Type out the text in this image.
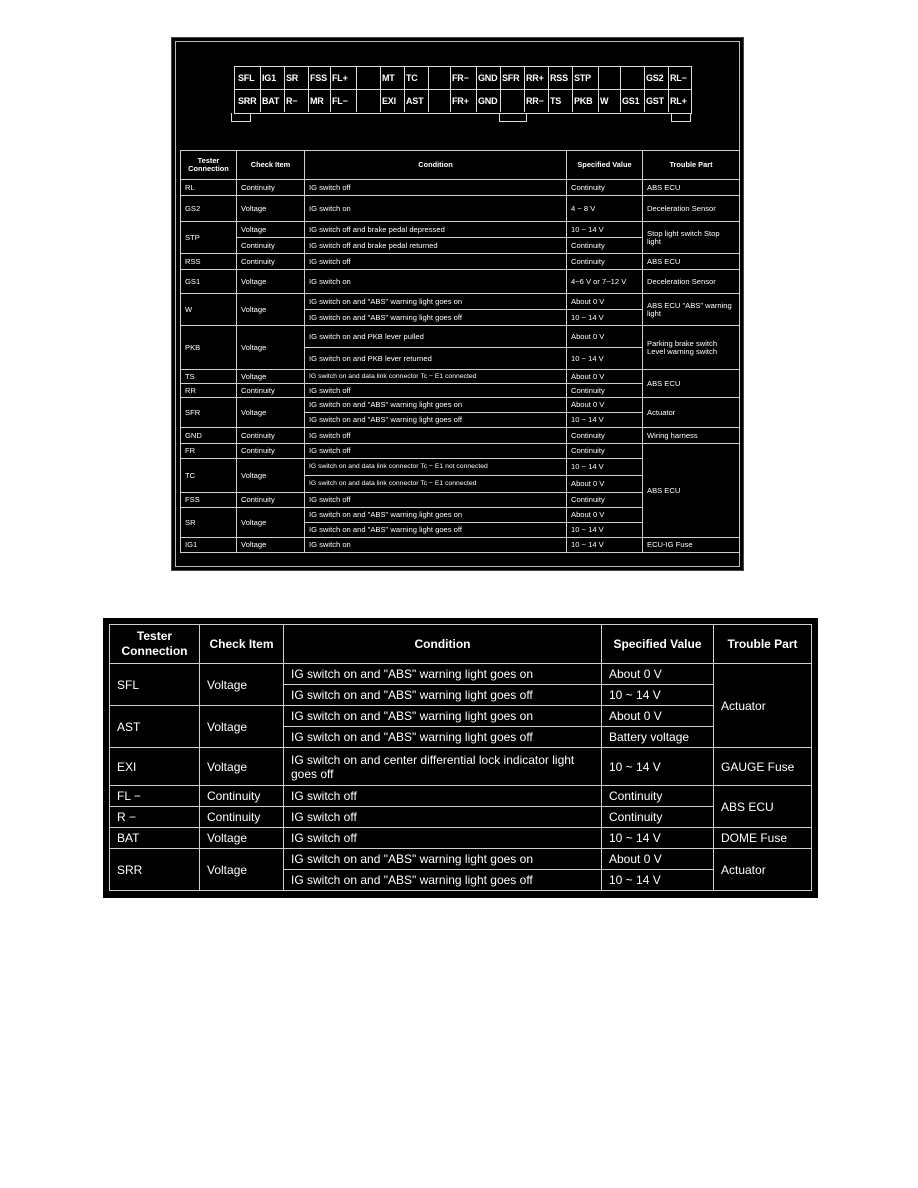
SFL IG1 SR FSS FL+	MT TC	FR− GND SFR RR+ RSS STP	GS2 RL−
SRR BAT R− MR FL−	EXI AST	FR+ GND	RR− TS PKB W GS1 GST RL+
Tester Connection	Check Item	Condition	Specified Value	Trouble Part
RL	Continuity	IG switch off	Continuity	ABS ECU
GS2	Voltage	IG switch on	4 ~ 8 V	Deceleration Sensor
STP	Voltage	IG switch off and brake pedal depressed	10 ~ 14 V	Stop light switch Stop light
	Continuity	IG switch off and brake pedal returned	Continuity	
RSS	Continuity	IG switch off	Continuity	ABS ECU
GS1	Voltage	IG switch on	4~6 V or 7~12 V	Deceleration Sensor
W	Voltage	IG switch on and "ABS" warning light goes on	About 0 V	ABS ECU "ABS" warning light
		IG switch on and "ABS" warning light goes off	10 ~ 14 V	
PKB	Voltage	IG switch on and PKB lever pulled	About 0 V	Parking brake switch Level warning switch
		IG switch on and PKB lever returned	10 ~ 14 V	
TS	Voltage	IG switch on and data link connector Tc − E1 connected	About 0 V	ABS ECU
RR	Continuity	IG switch off	Continuity	
SFR	Voltage	IG switch on and "ABS" warning light goes on	About 0 V	Actuator
		IG switch on and "ABS" warning light goes off	10 ~ 14 V	
GND	Continuity	IG switch off	Continuity	Wiring harness
FR	Continuity	IG switch off	Continuity	ABS ECU
TC	Voltage	IG switch on and data link connector Tc − E1 not connected	10 ~ 14 V	
		IG switch on and data link connector Tc − E1 connected	About 0 V	
FSS	Continuity	IG switch off	Continuity	
SR	Voltage	IG switch on and "ABS" warning light goes on	About 0 V	
		IG switch on and "ABS" warning light goes off	10 ~ 14 V	
IG1	Voltage	IG switch on	10 ~ 14 V	ECU-IG Fuse
Tester Connection	Check Item	Condition	Specified Value	Trouble Part
SFL	Voltage	IG switch on and "ABS" warning light goes on	About 0 V	Actuator
		IG switch on and "ABS" warning light goes off	10 ~ 14 V	
AST	Voltage	IG switch on and "ABS" warning light goes on	About 0 V	
		IG switch on and "ABS" warning light goes off	Battery voltage	
EXI	Voltage	IG switch on and center differential lock indicator light goes off	10 ~ 14 V	GAUGE Fuse
FL −	Continuity	IG switch off	Continuity	ABS ECU
R −	Continuity	IG switch off	Continuity	
BAT	Voltage	IG switch off	10 ~ 14 V	DOME Fuse
SRR	Voltage	IG switch on and "ABS" warning light goes on	About 0 V	Actuator
		IG switch on and "ABS" warning light goes off	10 ~ 14 V	
